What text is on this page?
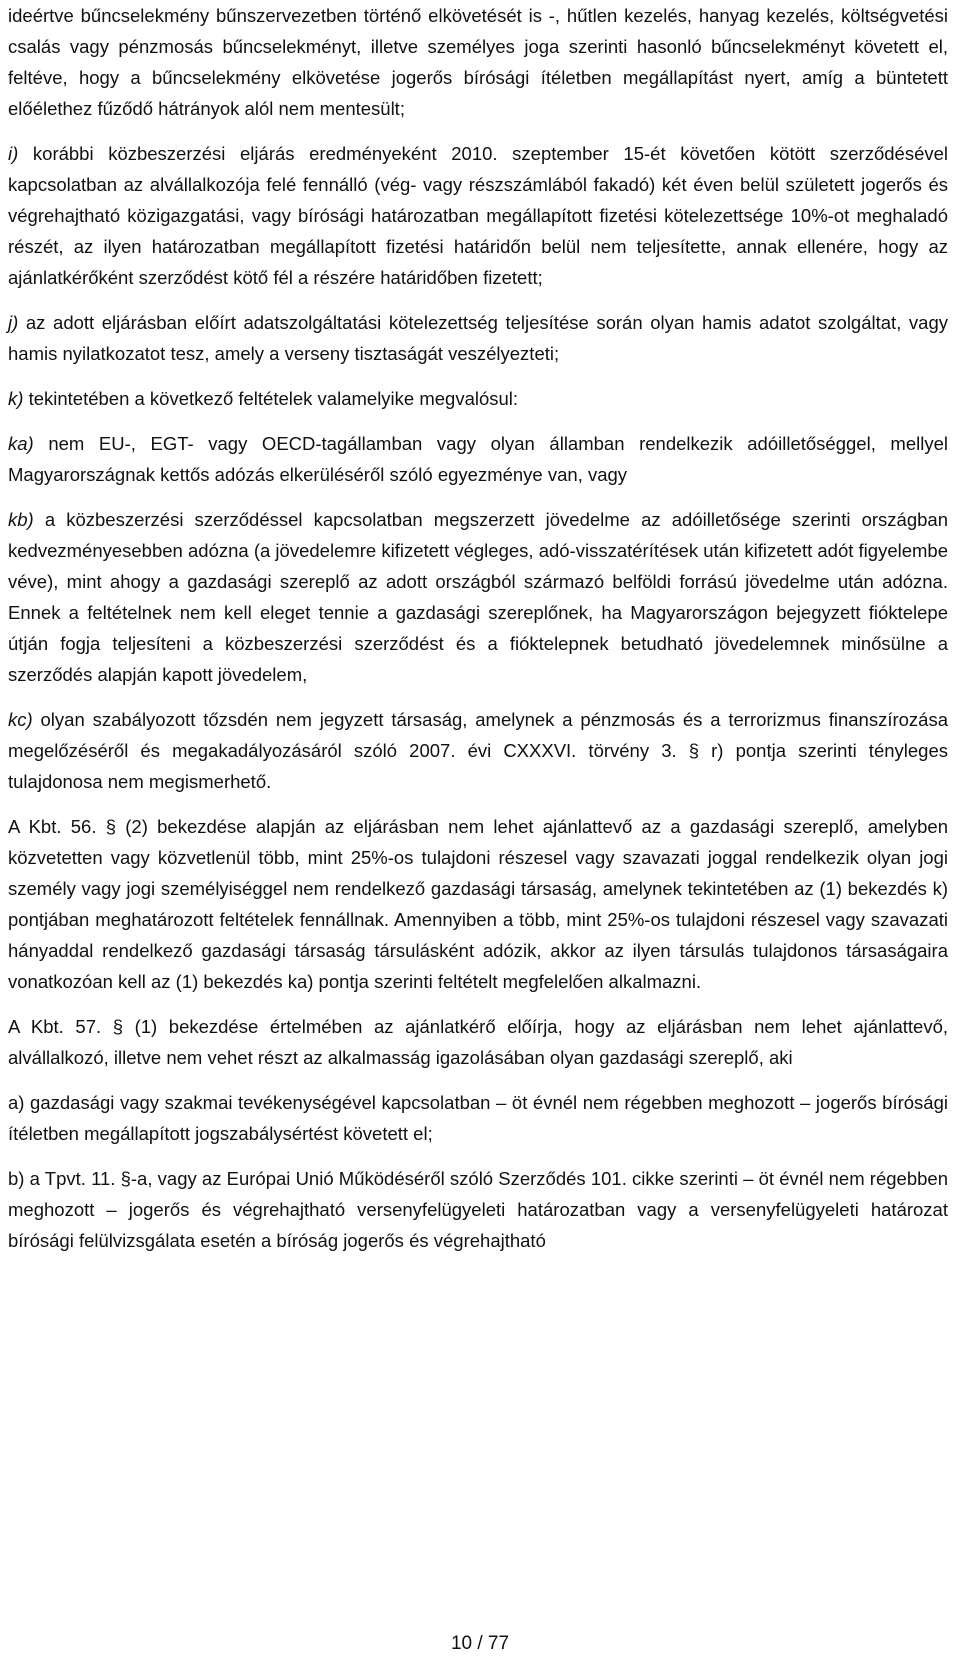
ideértve bűncselekmény bűnszervezetben történő elkövetését is -, hűtlen kezelés, hanyag kezelés, költségvetési csalás vagy pénzmosás bűncselekményt, illetve személyes joga szerinti hasonló bűncselekményt követett el, feltéve, hogy a bűncselekmény elkövetése jogerős bírósági ítéletben megállapítást nyert, amíg a büntetett előélethez fűződő hátrányok alól nem mentesült;

i) korábbi közbeszerzési eljárás eredményeként 2010. szeptember 15-ét követően kötött szerződésével kapcsolatban az alvállalkozója felé fennálló (vég- vagy részszámlából fakadó) két éven belül született jogerős és végrehajtható közigazgatási, vagy bírósági határozatban megállapított fizetési kötelezettsége 10%-ot meghaladó részét, az ilyen határozatban megállapított fizetési határidőn belül nem teljesítette, annak ellenére, hogy az ajánlatkérőként szerződést kötő fél a részére határidőben fizetett;

j) az adott eljárásban előírt adatszolgáltatási kötelezettség teljesítése során olyan hamis adatot szolgáltat, vagy hamis nyilatkozatot tesz, amely a verseny tisztaságát veszélyezteti;

k) tekintetében a következő feltételek valamelyike megvalósul:

ka) nem EU-, EGT- vagy OECD-tagállamban vagy olyan államban rendelkezik adóilletőséggel, mellyel Magyarországnak kettős adózás elkerüléséről szóló egyezménye van, vagy

kb) a közbeszerzési szerződéssel kapcsolatban megszerzett jövedelme az adóilletősége szerinti országban kedvezményesebben adózna (a jövedelemre kifizetett végleges, adó-visszatérítések után kifizetett adót figyelembe véve), mint ahogy a gazdasági szereplő az adott országból származó belföldi forrású jövedelme után adózna. Ennek a feltételnek nem kell eleget tennie a gazdasági szereplőnek, ha Magyarországon bejegyzett fióktelepe útján fogja teljesíteni a közbeszerzési szerződést és a fióktelepnek betudható jövedelemnek minősülne a szerződés alapján kapott jövedelem,

kc) olyan szabályozott tőzsdén nem jegyzett társaság, amelynek a pénzmosás és a terrorizmus finanszírozása megelőzéséről és megakadályozásáról szóló 2007. évi CXXXVI. törvény 3. § r) pontja szerinti tényleges tulajdonosa nem megismerhető.

A Kbt. 56. § (2) bekezdése alapján az eljárásban nem lehet ajánlattevő az a gazdasági szereplő, amelyben közvetetten vagy közvetlenül több, mint 25%-os tulajdoni részesel vagy szavazati joggal rendelkezik olyan jogi személy vagy jogi személyiséggel nem rendelkező gazdasági társaság, amelynek tekintetében az (1) bekezdés k) pontjában meghatározott feltételek fennállnak. Amennyiben a több, mint 25%-os tulajdoni részesel vagy szavazati hányaddal rendelkező gazdasági társaság társulásként adózik, akkor az ilyen társulás tulajdonos társaságaira vonatkozóan kell az (1) bekezdés ka) pontja szerinti feltételt megfelelően alkalmazni.

A Kbt. 57. § (1) bekezdése értelmében az ajánlatkérő előírja, hogy az eljárásban nem lehet ajánlattevő, alvállalkozó, illetve nem vehet részt az alkalmasság igazolásában olyan gazdasági szereplő, aki

a) gazdasági vagy szakmai tevékenységével kapcsolatban – öt évnél nem régebben meghozott – jogerős bírósági ítéletben megállapított jogszabálysértést követett el;

b) a Tpvt. 11. §-a, vagy az Európai Unió Működéséről szóló Szerződés 101. cikke szerinti – öt évnél nem régebben meghozott – jogerős és végrehajtható versenyfelügyeleti határozatban vagy a versenyfelügyeleti határozat bírósági felülvizsgálata esetén a bíróság jogerős és végrehajtható

10 / 77
